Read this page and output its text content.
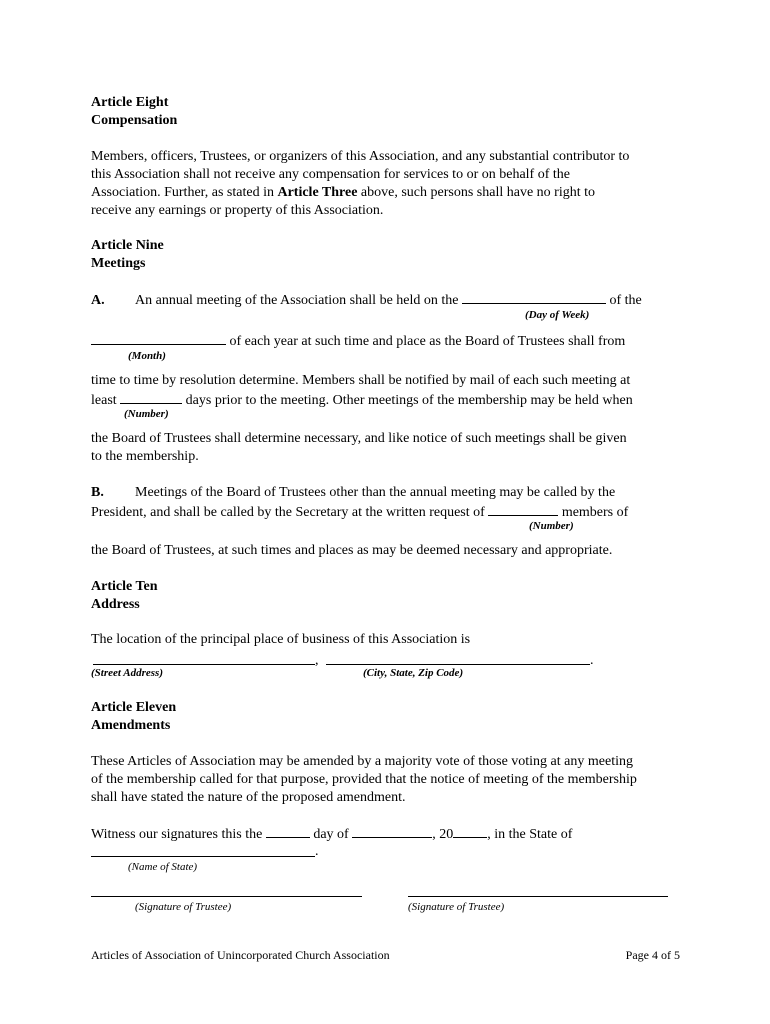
Article Eight
Compensation
Members, officers, Trustees, or organizers of this Association, and any substantial contributor to
this Association shall not receive any compensation for services to or on behalf of the
Association. Further, as stated in Article Three above, such persons shall have no right to
receive any earnings or property of this Association.
Article Nine
Meetings
A. An annual meeting of the Association shall be held on the	of the
(Day of Week)
of each year at such time and place as the Board of Trustees shall from
(Month)
time to time by resolution determine. Members shall be notified by mail of each such meeting at
least	days prior to the meeting. Other meetings of the membership may be held when
(Number)
the Board of Trustees shall determine necessary, and like notice of such meetings shall be given
to the membership.
B. Meetings of the Board of Trustees other than the annual meeting may be called by the
President, and shall be called by the Secretary at the written request of	members of
(Number)
the Board of Trustees, at such times and places as may be deemed necessary and appropriate.
Article Ten
Address
The location of the principal place of business of this Association is
,	.
(Street Address)	(City, State, Zip Code)
Article Eleven
Amendments
These Articles of Association may be amended by a majority vote of those voting at any meeting
of the membership called for that purpose, provided that the notice of meeting of the membership
shall have stated the nature of the proposed amendment.
Witness our signatures this the	day of	, 20 , in the State of
.
(Name of State)
(Signature of Trustee)	(Signature of Trustee)
Articles of Association of Unincorporated Church Association	Page 4 of 5
